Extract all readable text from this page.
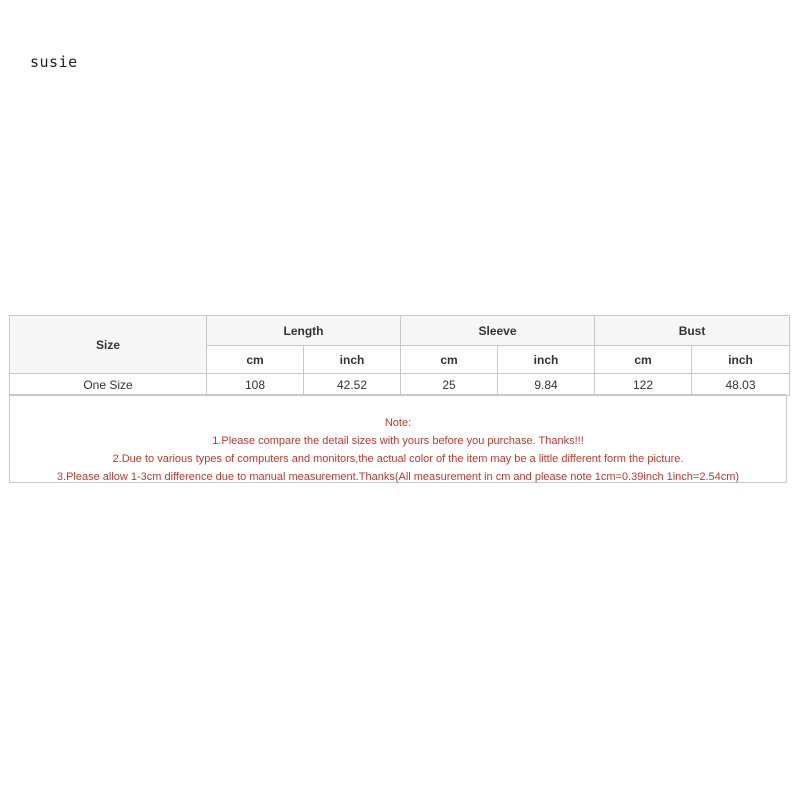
susie
Size	Length		Sleeve		Bust	
	cm	inch	cm	inch	cm	inch
One Size	108	42.52	25	9.84	122	48.03
Note:
1.Please compare the detail sizes with yours before you purchase. Thanks!!!
2.Due to various types of computers and monitors,the actual color of the item may be a little different form the picture.
3.Please allow 1-3cm difference due to manual measurement.Thanks(All measurement in cm and please note 1cm=0.39inch 1inch=2.54cm)
